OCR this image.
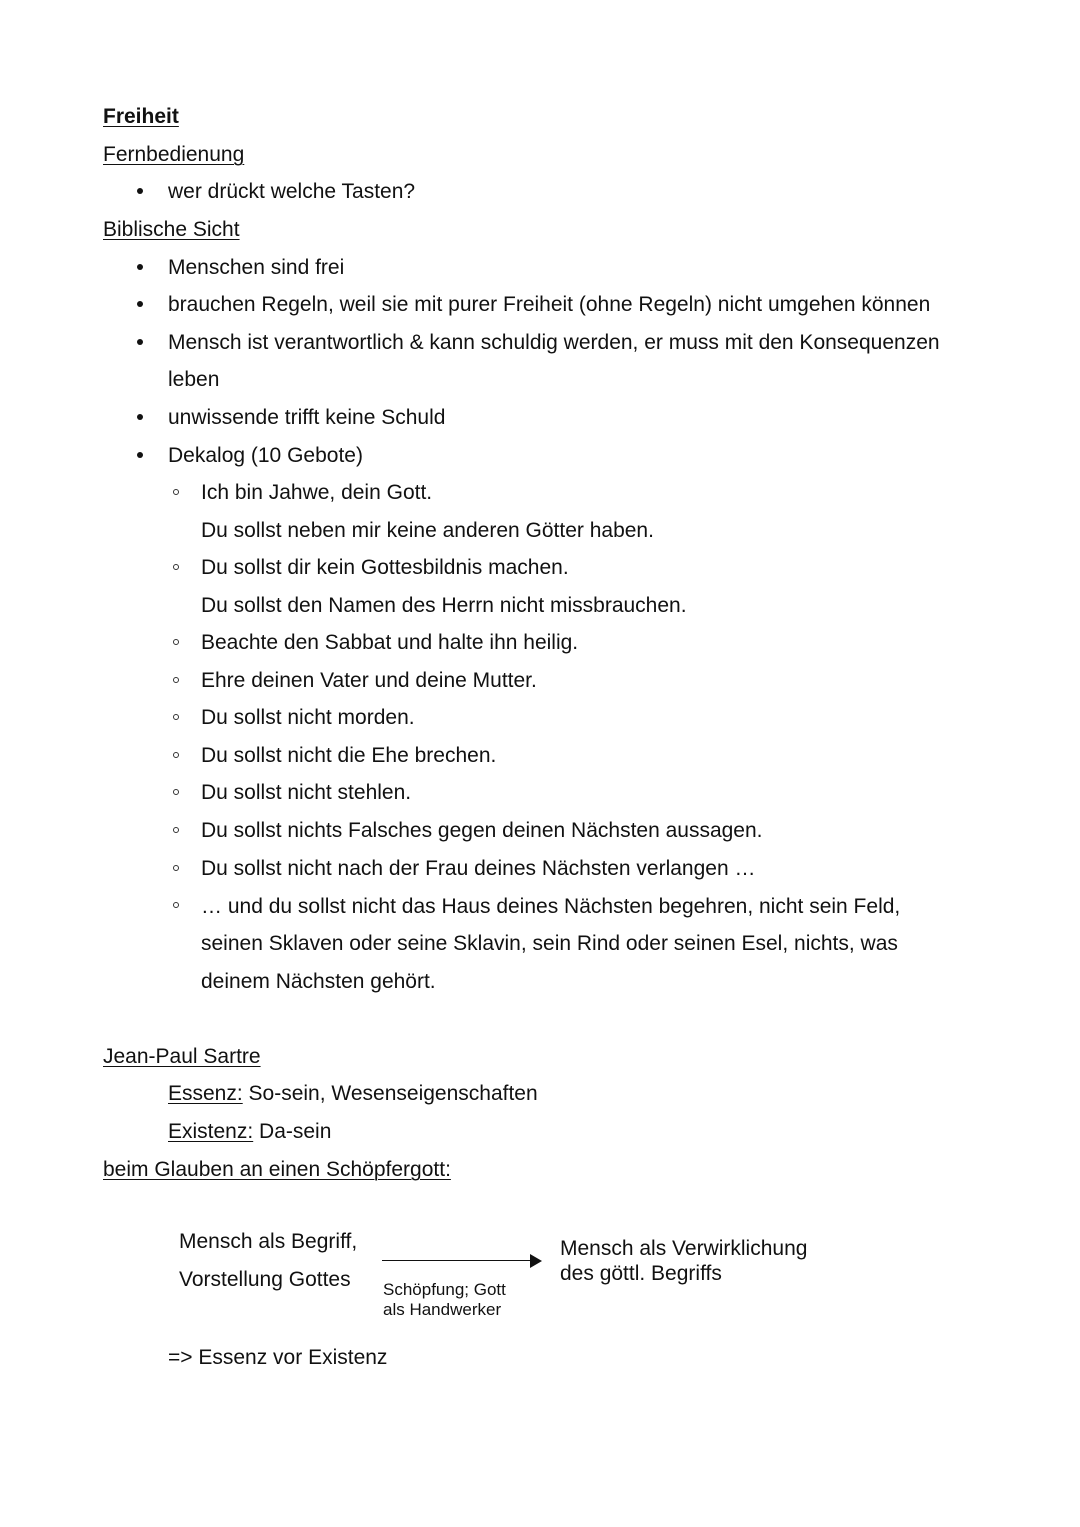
Freiheit
Fernbedienung
wer drückt welche Tasten?
Biblische Sicht
Menschen sind frei
brauchen Regeln, weil sie mit purer Freiheit (ohne Regeln) nicht umgehen können
Mensch ist verantwortlich & kann schuldig werden, er muss mit den Konsequenzen
leben
unwissende trifft keine Schuld
Dekalog (10 Gebote)
Ich bin Jahwe, dein Gott.
Du sollst neben mir keine anderen Götter haben.
Du sollst dir kein Gottesbildnis machen.
Du sollst den Namen des Herrn nicht missbrauchen.
Beachte den Sabbat und halte ihn heilig.
Ehre deinen Vater und deine Mutter.
Du sollst nicht morden.
Du sollst nicht die Ehe brechen.
Du sollst nicht stehlen.
Du sollst nichts Falsches gegen deinen Nächsten aussagen.
Du sollst nicht nach der Frau deines Nächsten verlangen …
… und du sollst nicht das Haus deines Nächsten begehren, nicht sein Feld,
seinen Sklaven oder seine Sklavin, sein Rind oder seinen Esel, nichts, was
deinem Nächsten gehört.
Jean-Paul Sartre
Essenz: So-sein, Wesenseigenschaften
Existenz: Da-sein
beim Glauben an einen Schöpfergott:
Mensch als Begriff,
Vorstellung Gottes Schöpfung; Gott
als Handwerker
Mensch als Verwirklichung
des göttl. Begriffs
=> Essenz vor Existenz
